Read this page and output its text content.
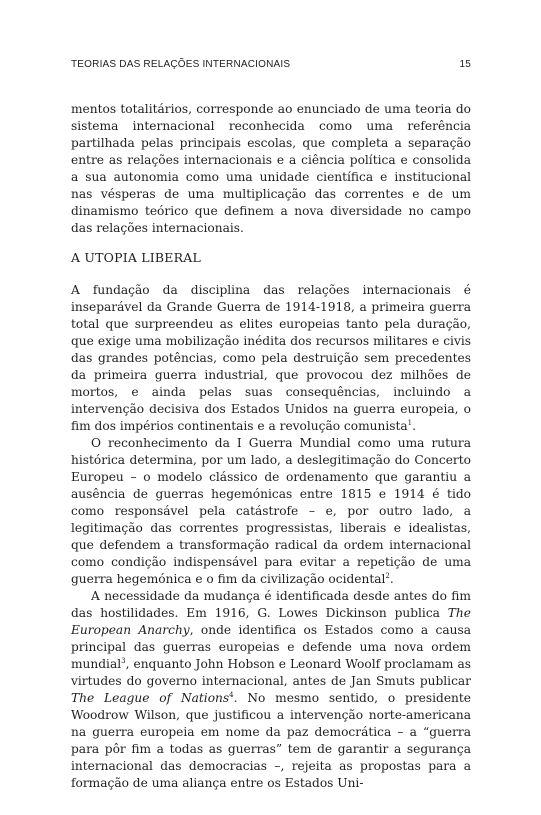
TEORIAS DAS RELAÇÕES INTERNACIONAIS	15

mentos totalitários, corresponde ao enunciado de uma teoria do sistema internacional reconhecida como uma referência partilhada pelas principais escolas, que completa a separação entre as relações internacionais e a ciência política e consolida a sua autonomia como uma unidade científica e institucional nas vésperas de uma multiplicação das correntes e de um dinamismo teórico que definem a nova diversidade no campo das relações internacionais.

A UTOPIA LIBERAL

A fundação da disciplina das relações internacionais é inseparável da Grande Guerra de 1914-1918, a primeira guerra total que surpreendeu as elites europeias tanto pela duração, que exige uma mobilização inédita dos recursos militares e civis das grandes potências, como pela destruição sem precedentes da primeira guerra industrial, que provocou dez milhões de mortos, e ainda pelas suas consequências, incluindo a intervenção decisiva dos Estados Unidos na guerra europeia, o fim dos impérios continentais e a revolução comunista$^1$.

O reconhecimento da I Guerra Mundial como uma rutura histórica determina, por um lado, a deslegitimação do Concerto Europeu – o modelo clássico de ordenamento que garantiu a ausência de guerras hegemónicas entre 1815 e 1914 é tido como responsável pela catástrofe – e, por outro lado, a legitimação das correntes progressistas, liberais e idealistas, que defendem a transformação radical da ordem internacional como condição indispensável para evitar a repetição de uma guerra hegemónica e o fim da civilização ocidental$^2$.

A necessidade da mudança é identificada desde antes do fim das hostilidades. Em 1916, G. Lowes Dickinson publica The European Anarchy, onde identifica os Estados como a causa principal das guerras europeias e defende uma nova ordem mundial$^3$, enquanto John Hobson e Leonard Woolf proclamam as virtudes do governo internacional, antes de Jan Smuts publicar The League of Nations$^4$. No mesmo sentido, o presidente Woodrow Wilson, que justificou a intervenção norte-americana na guerra europeia em nome da paz democrática – a “guerra para pôr fim a todas as guerras” tem de garantir a segurança internacional das democracias –, rejeita as propostas para a formação de uma aliança entre os Estados Uni-
